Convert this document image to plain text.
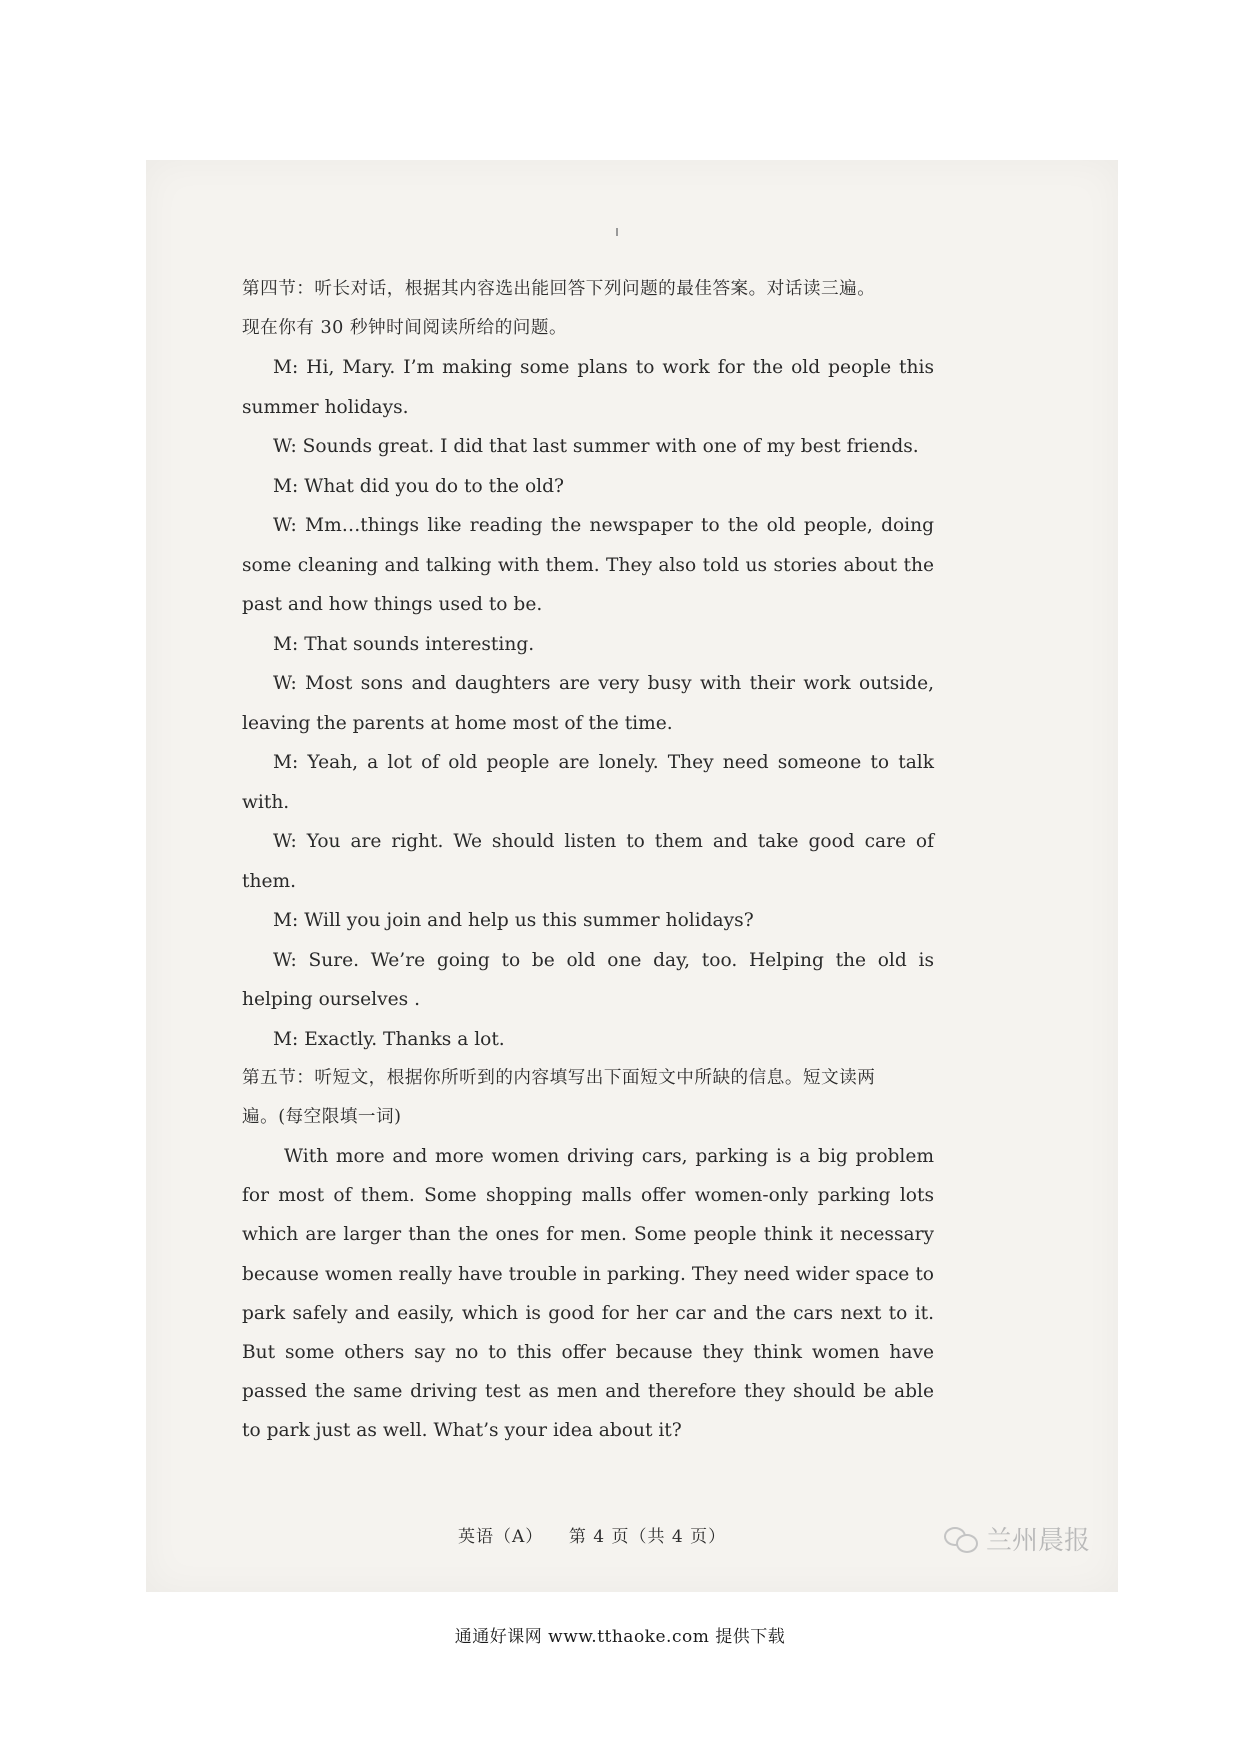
第四节：听长对话，根据其内容选出能回答下列问题的最佳答案。对话读三遍。

现在你有 30 秒钟时间阅读所给的问题。

M: Hi, Mary. I’m making some plans to work for the old people this summer holidays.

W: Sounds great. I did that last summer with one of my best friends.

M: What did you do to the old?

W: Mm…things like reading the newspaper to the old people, doing some cleaning and talking with them. They also told us stories about the past and how things used to be.

M: That sounds interesting.

W: Most sons and daughters are very busy with their work outside, leaving the parents at home most of the time.

M: Yeah, a lot of old people are lonely. They need someone to talk with.

W: You are right. We should listen to them and take good care of them.

M: Will you join and help us this summer holidays?

W: Sure. We’re going to be old one day, too. Helping the old is helping ourselves .

M: Exactly. Thanks a lot.

第五节：听短文，根据你所听到的内容填写出下面短文中所缺的信息。短文读两

遍。(每空限填一词)

With more and more women driving cars, parking is a big problem for most of them. Some shopping malls offer women-only parking lots which are larger than the ones for men. Some people think it necessary because women really have trouble in parking. They need wider space to park safely and easily, which is good for her car and the cars next to it. But some others say no to this offer because they think women have passed the same driving test as men and therefore they should be able to park just as well. What’s your idea about it?

英语（A）    第 4 页（共 4 页）	兰州晨报
通通好课网 www.tthaoke.com 提供下载
